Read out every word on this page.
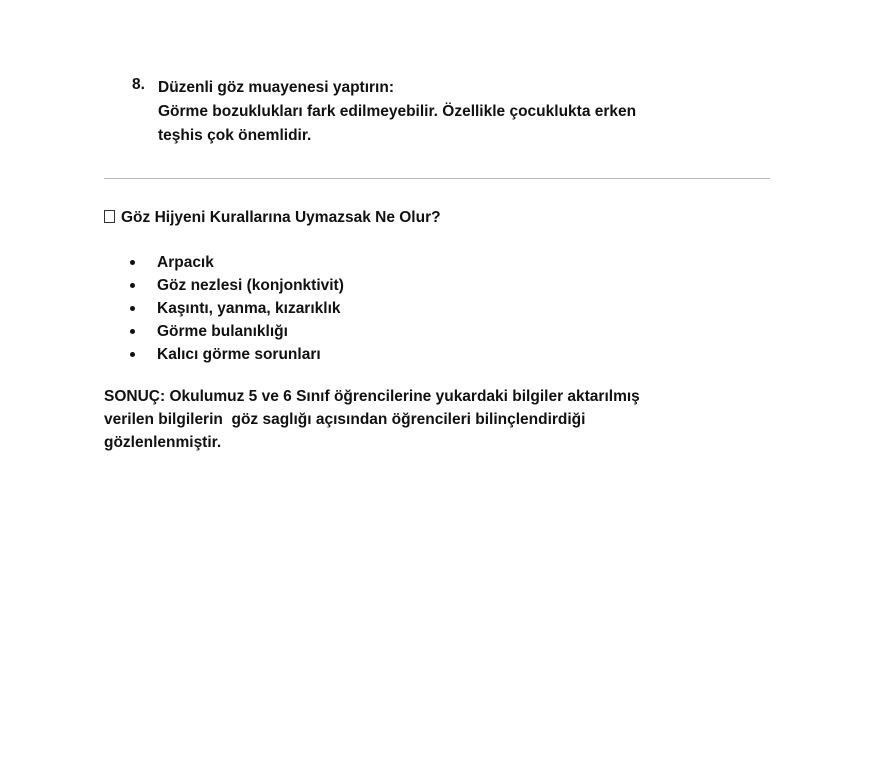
8. Düzenli göz muayenesi yaptırın:
Görme bozuklukları fark edilmeyebilir. Özellikle çocuklukta erken
teşhis çok önemlidir.
Göz Hijyeni Kurallarına Uymazsak Ne Olur?
Arpacık
Göz nezlesi (konjonktivit)
Kaşıntı, yanma, kızarıklık
Görme bulanıklığı
Kalıcı görme sorunları
SONUÇ: Okulumuz 5 ve 6 Sınıf öğrencilerine yukardaki bilgiler aktarılmış
verilen bilgilerin  göz saglığı açısından öğrencileri bilinçlendirdiği
gözlenlenmiştir.
